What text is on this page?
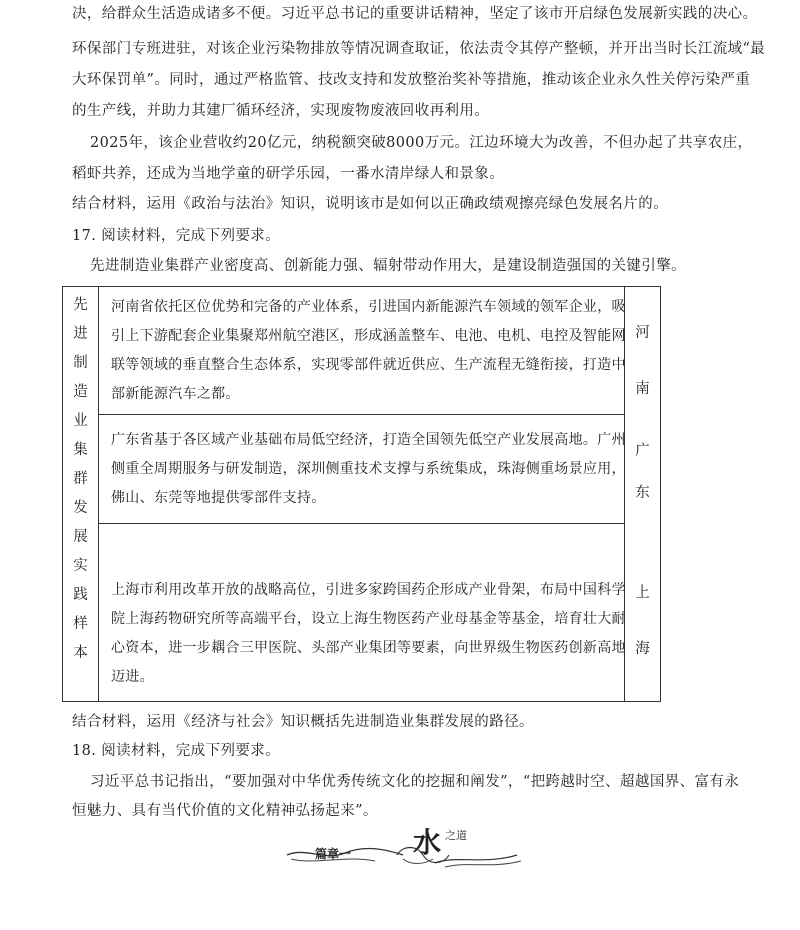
决，给群众生活造成诸多不便。习近平总书记的重要讲话精神，坚定了该市开启绿色发展新实践的决心。
环保部门专班进驻，对该企业污染物排放等情况调查取证，依法责令其停产整顿，并开出当时长江流域“最
大环保罚单”。同时，通过严格监管、技改支持和发放整治奖补等措施，推动该企业永久性关停污染严重
的生产线，并助力其建厂循环经济，实现废物废液回收再利用。
2025年，该企业营收约20亿元，纳税额突破8000万元。江边环境大为改善，不但办起了共享农庄，
稻虾共养，还成为当地学童的研学乐园，一番水清岸绿人和景象。
结合材料，运用《政治与法治》知识，说明该市是如何以正确政绩观擦亮绿色发展名片的。
17. 阅读材料，完成下列要求。
先进制造业集群产业密度高、创新能力强、辐射带动作用大，是建设制造强国的关键引擎。
先
进
制
造
业
集
群
发
展
实
践
样
本
河
南
广
东
上
海
河南省依托区位优势和完备的产业体系，引进国内新能源汽车领域的领军企业，吸
引上下游配套企业集聚郑州航空港区，形成涵盖整车、电池、电机、电控及智能网
联等领域的垂直整合生态体系，实现零部件就近供应、生产流程无缝衔接，打造中
部新能源汽车之都。
广东省基于各区域产业基础布局低空经济，打造全国领先低空产业发展高地。广州
侧重全周期服务与研发制造，深圳侧重技术支撑与系统集成，珠海侧重场景应用，
佛山、东莞等地提供零部件支持。
上海市利用改革开放的战略高位，引进多家跨国药企形成产业骨架，布局中国科学
院上海药物研究所等高端平台，设立上海生物医药产业母基金等基金，培育壮大耐
心资本，进一步耦合三甲医院、头部产业集团等要素，向世界级生物医药创新高地
迈进。
结合材料，运用《经济与社会》知识概括先进制造业集群发展的路径。
18. 阅读材料，完成下列要求。
习近平总书记指出，“要加强对中华优秀传统文化的挖掘和阐发”，“把跨越时空、超越国界、富有永
恒魅力、具有当代价值的文化精神弘扬起来”。
篇章一 水 之道
